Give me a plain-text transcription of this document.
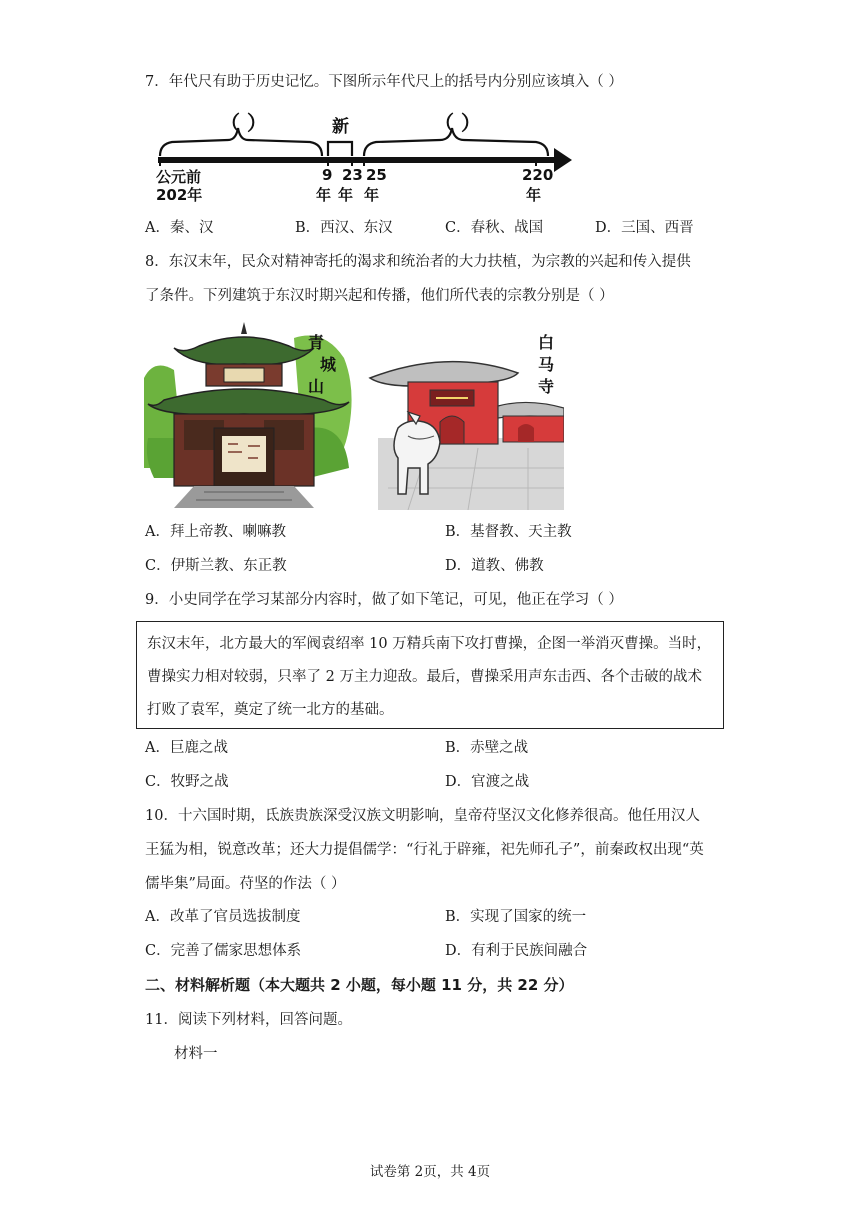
7．年代尺有助于历史记忆。下图所示年代尺上的括号内分别应该填入（ ）
（ ）	新	（ ）
公元前
202年
9
年
23
年
25
年
220
年
A．秦、汉	B．西汉、东汉	C．春秋、战国	D．三国、西晋
8．东汉末年，民众对精神寄托的渴求和统治者的大力扶植，为宗教的兴起和传入提供
了条件。下列建筑于东汉时期兴起和传播，他们所代表的宗教分别是（ ）
青
城
山
白
马
寺
A．拜上帝教、喇嘛教	B．基督教、天主教
C．伊斯兰教、东正教	D．道教、佛教
9．小史同学在学习某部分内容时，做了如下笔记，可见，他正在学习（ ）
东汉末年，北方最大的军阀袁绍率 10 万精兵南下攻打曹操，企图一举消灭曹操。当时，
曹操实力相对较弱，只率了 2 万主力迎敌。最后，曹操采用声东击西、各个击破的战术
打败了袁军，奠定了统一北方的基础。
A．巨鹿之战	B．赤壁之战
C．牧野之战	D．官渡之战
10．十六国时期，氐族贵族深受汉族文明影响，皇帝苻坚汉文化修养很高。他任用汉人
王猛为相，锐意改革；还大力提倡儒学：“行礼于辟雍，祀先师孔子”，前秦政权出现“英
儒毕集”局面。苻坚的作法（ ）
A．改革了官员选拔制度	B．实现了国家的统一
C．完善了儒家思想体系	D．有利于民族间融合
二、材料解析题（本大题共 2 小题，每小题 11 分，共 22 分）
11．阅读下列材料，回答问题。
材料一
试卷第 2页，共 4页
